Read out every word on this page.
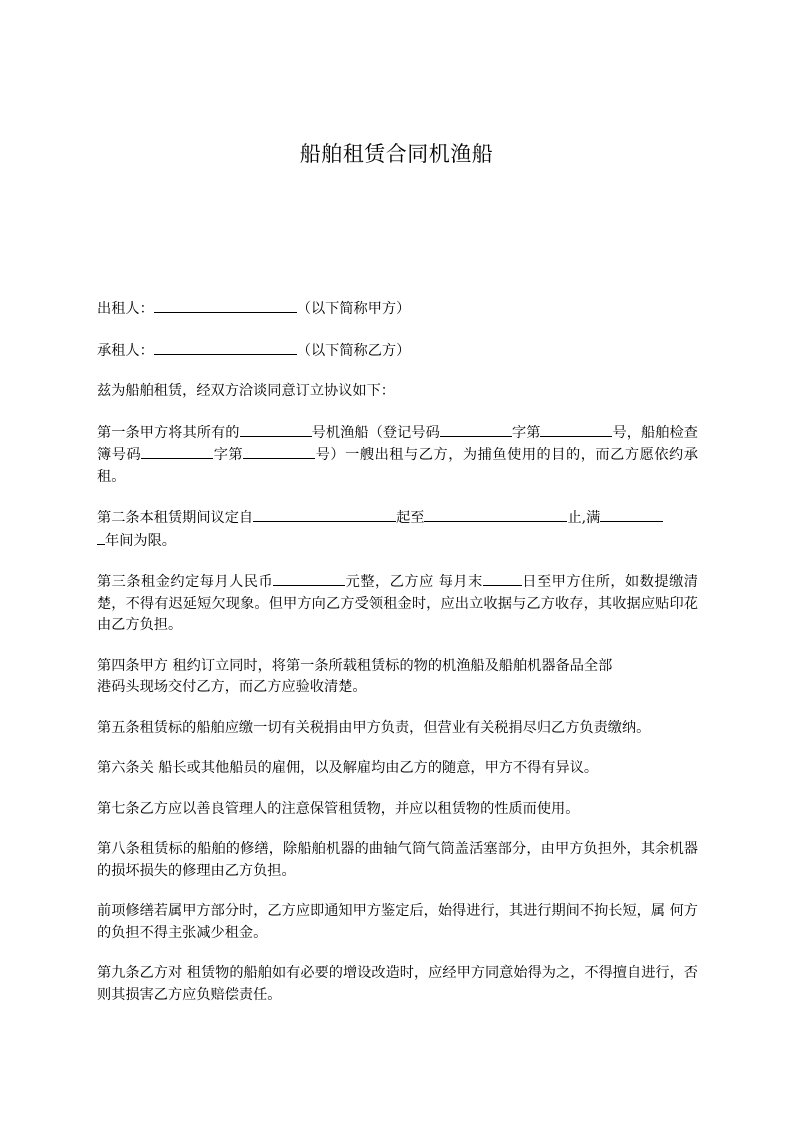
船舶租赁合同机渔船

出租人：	（以下简称甲方）

承租人：	（以下简称乙方）

兹为船舶租赁，经双方洽谈同意订立协议如下：

第一条甲方将其所有的	号机渔船（登记号码	字第	号，船舶检查簿号码	字第	号）一艘出租与乙方，为捕鱼使用的目的，而乙方愿依约承租。

第二条本租赁期间议定自	起至	止,满
年间为限。

第三条租金约定每月人民币	元整，乙方应 每月末	日至甲方住所，如数提缴清楚，不得有迟延短欠现象。但甲方向乙方受领租金时，应出立收据与乙方收存，其收据应贴印花由乙方负担。

第四条甲方 租约订立同时，将第一条所载租赁标的物的机渔船及船舶机器备品全部
港码头现场交付乙方，而乙方应验收清楚。

第五条租赁标的船舶应缴一切有关税捐由甲方负责，但营业有关税捐尽归乙方负责缴纳。

第六条关 船长或其他船员的雇佣，以及解雇均由乙方的随意，甲方不得有异议。

第七条乙方应以善良管理人的注意保管租赁物，并应以租赁物的性质而使用。

第八条租赁标的船舶的修缮，除船舶机器的曲轴气筒气筒盖活塞部分，由甲方负担外，其余机器的损坏损失的修理由乙方负担。

前项修缮若属甲方部分时，乙方应即通知甲方鉴定后，始得进行，其进行期间不拘长短，属 何方的负担不得主张减少租金。

第九条乙方对 租赁物的船舶如有必要的增设改造时，应经甲方同意始得为之，不得擅自进行，否则其损害乙方应负赔偿责任。
